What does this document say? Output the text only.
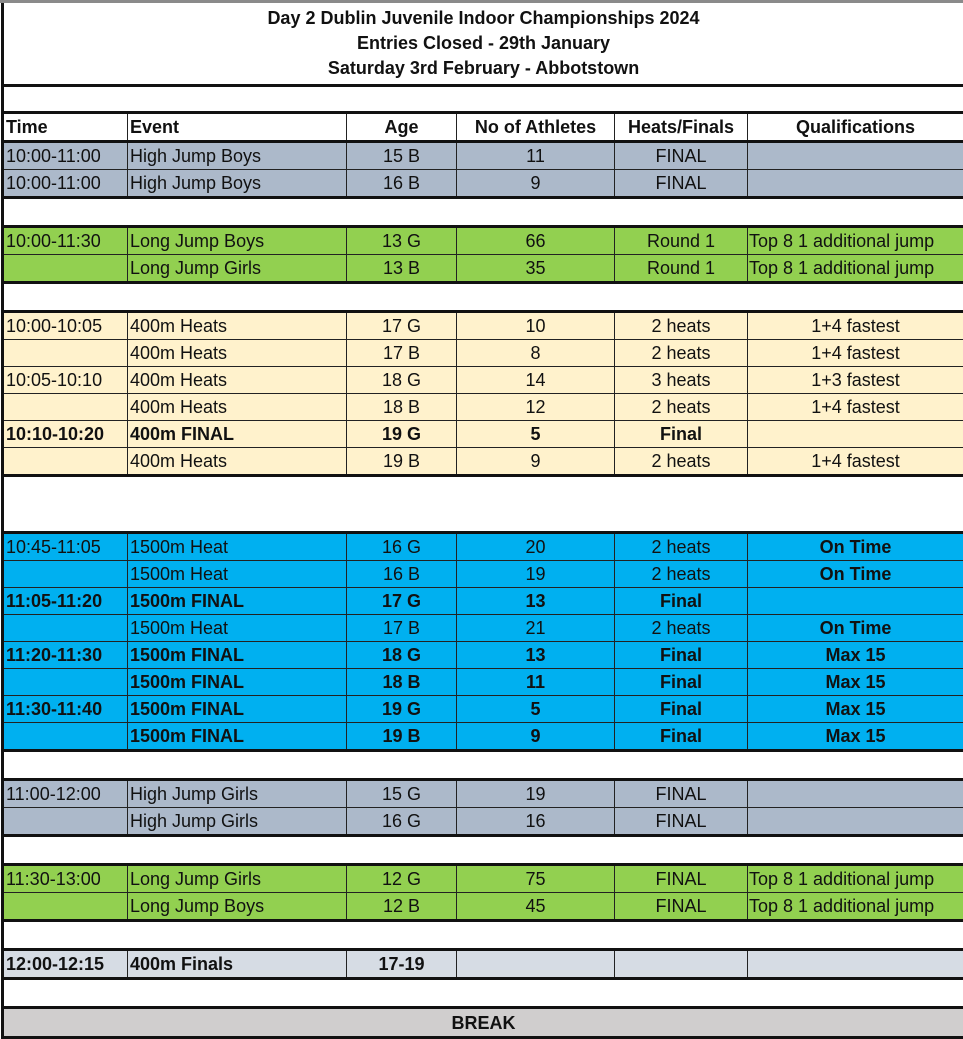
Day 2 Dublin Juvenile Indoor Championships 2024
Entries Closed - 29th January
Saturday 3rd February - Abbotstown
Time	Event	Age	No of Athletes	Heats/Finals	Qualifications
10:00-11:00	High Jump Boys	15 B	11	FINAL
10:00-11:00	High Jump Boys	16 B	9	FINAL
10:00-11:30	Long Jump Boys	13 G	66	Round 1	Top 8 1 additional jump
Long Jump Girls	13 B	35	Round 1	Top 8 1 additional jump
10:00-10:05	400m Heats	17 G	10	2 heats	1+4 fastest
400m Heats	17 B	8	2 heats	1+4 fastest
10:05-10:10	400m Heats	18 G	14	3 heats	1+3 fastest
400m Heats	18 B	12	2 heats	1+4 fastest
10:10-10:20	400m FINAL	19 G	5	Final
400m Heats	19 B	9	2 heats	1+4 fastest
10:45-11:05	1500m Heat	16 G	20	2 heats	On Time
1500m Heat	16 B	19	2 heats	On Time
11:05-11:20	1500m FINAL	17 G	13	Final
1500m Heat	17 B	21	2 heats	On Time
11:20-11:30	1500m FINAL	18 G	13	Final	Max 15
1500m FINAL	18 B	11	Final	Max 15
11:30-11:40	1500m FINAL	19 G	5	Final	Max 15
1500m FINAL	19 B	9	Final	Max 15
11:00-12:00	High Jump Girls	15 G	19	FINAL
High Jump Girls	16 G	16	FINAL
11:30-13:00	Long Jump Girls	12 G	75	FINAL	Top 8 1 additional jump
Long Jump Boys	12 B	45	FINAL	Top 8 1 additional jump
12:00-12:15	400m Finals	17-19
BREAK
